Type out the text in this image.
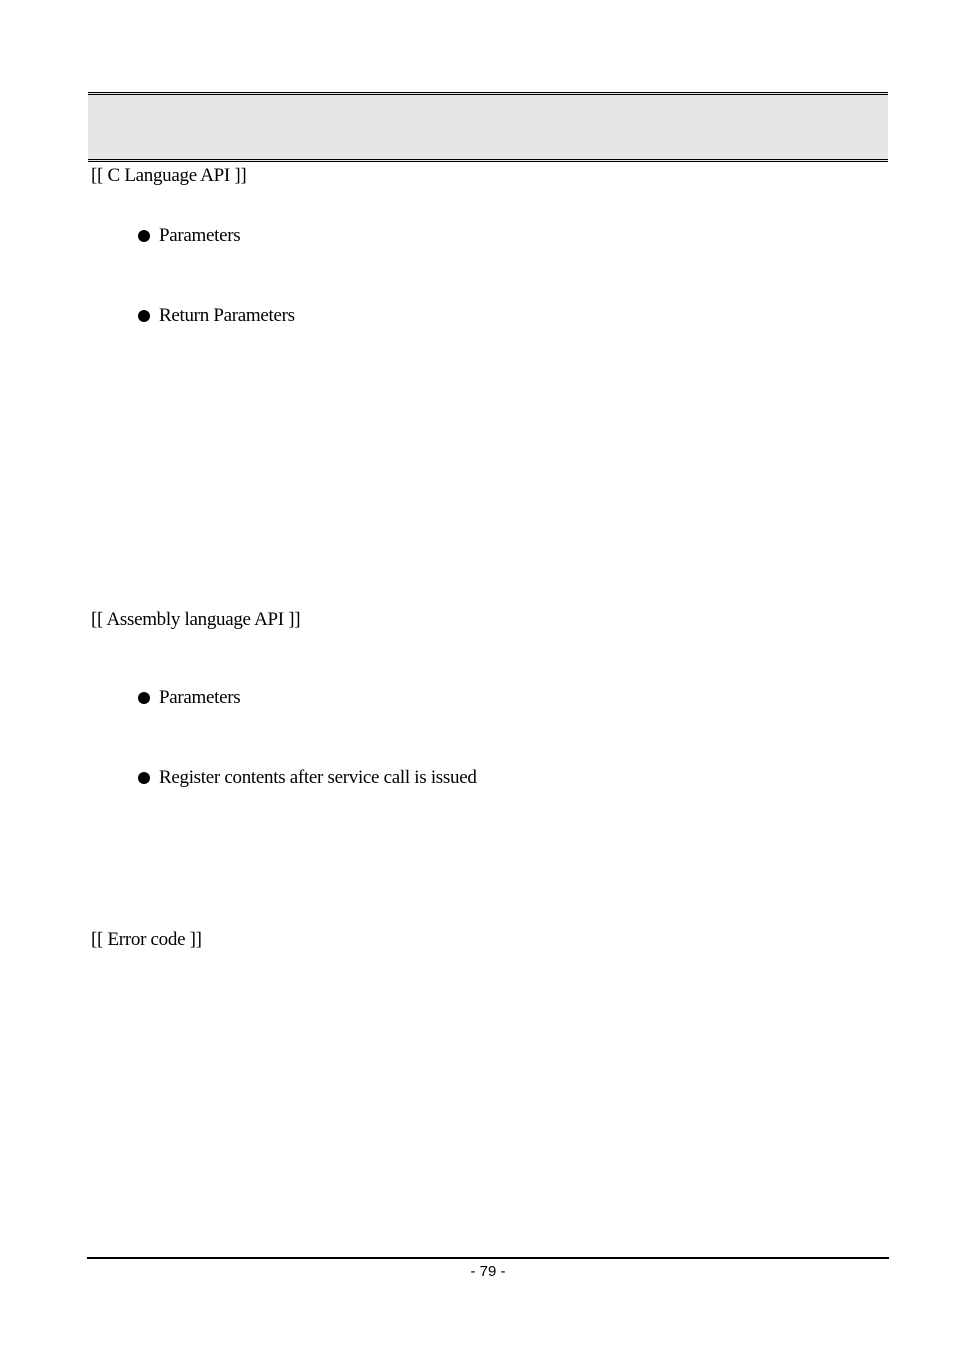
[[ C Language API ]]
Parameters
Return Parameters
[[ Assembly language API ]]
Parameters
Register contents after service call is issued
[[ Error code ]]
- 79 -
